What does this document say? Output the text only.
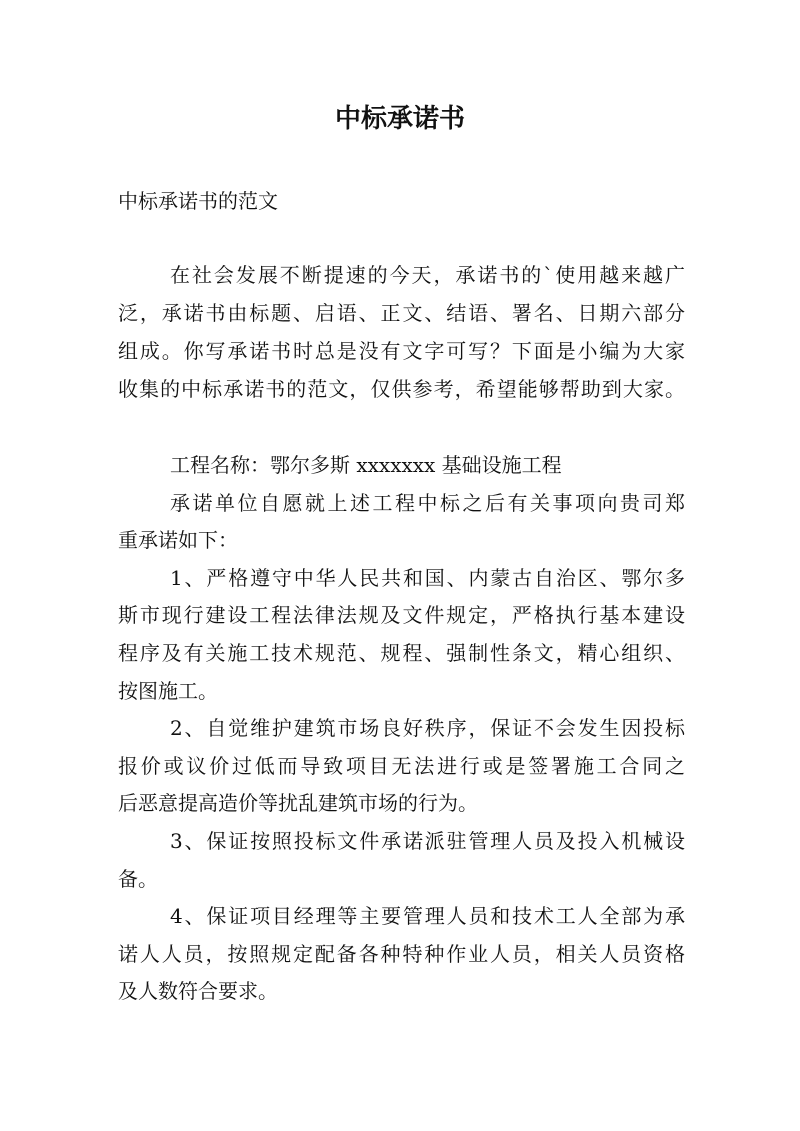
中标承诺书
中标承诺书的范文
在社会发展不断提速的今天，承诺书的`使用越来越广
泛，承诺书由标题、启语、正文、结语、署名、日期六部分
组成。你写承诺书时总是没有文字可写？下面是小编为大家
收集的中标承诺书的范文，仅供参考，希望能够帮助到大家。
工程名称：鄂尔多斯 xxxxxxx 基础设施工程
承诺单位自愿就上述工程中标之后有关事项向贵司郑
重承诺如下：
1、严格遵守中华人民共和国、内蒙古自治区、鄂尔多
斯市现行建设工程法律法规及文件规定，严格执行基本建设
程序及有关施工技术规范、规程、强制性条文，精心组织、
按图施工。
2、自觉维护建筑市场良好秩序，保证不会发生因投标
报价或议价过低而导致项目无法进行或是签署施工合同之
后恶意提高造价等扰乱建筑市场的行为。
3、保证按照投标文件承诺派驻管理人员及投入机械设
备。
4、保证项目经理等主要管理人员和技术工人全部为承
诺人人员，按照规定配备各种特种作业人员，相关人员资格
及人数符合要求。
